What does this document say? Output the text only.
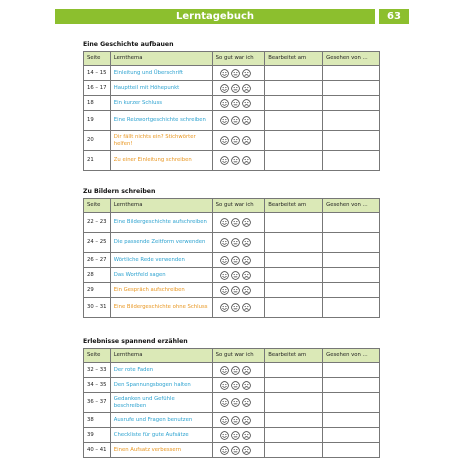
Lerntagebuch	63
Eine Geschichte aufbauen
Seite	Lernthema	So gut war ich	Bearbeitet am	Gesehen von ...
14 – 15	Einleitung und Überschrift	

16 – 17	Hauptteil mit Höhepunkt	

18	Ein kurzer Schluss	

19	Eine Reizwortgeschichte schreiben	

20	Dir fällt nichts ein? Stichwörter helfen!	

21	Zu einer Einleitung schreiben	

Zu Bildern schreiben
Seite	Lernthema	So gut war ich	Bearbeitet am	Gesehen von ...
22 – 23	Eine Bildergeschichte aufschreiben	

24 – 25	Die passende Zeitform verwenden	

26 – 27	Wörtliche Rede verwenden	

28	Das Wortfeld sagen	

29	Ein Gespräch aufschreiben	

30 – 31	Eine Bildergeschichte ohne Schluss	

Erlebnisse spannend erzählen
Seite	Lernthema	So gut war ich	Bearbeitet am	Gesehen von ...
32 – 33	Der rote Faden	

34 – 35	Den Spannungsbogen halten	

36 – 37	Gedanken und Gefühle beschreiben	

38	Ausrufe und Fragen benutzen	

39	Checkliste für gute Aufsätze	

40 – 41	Einen Aufsatz verbessern	
